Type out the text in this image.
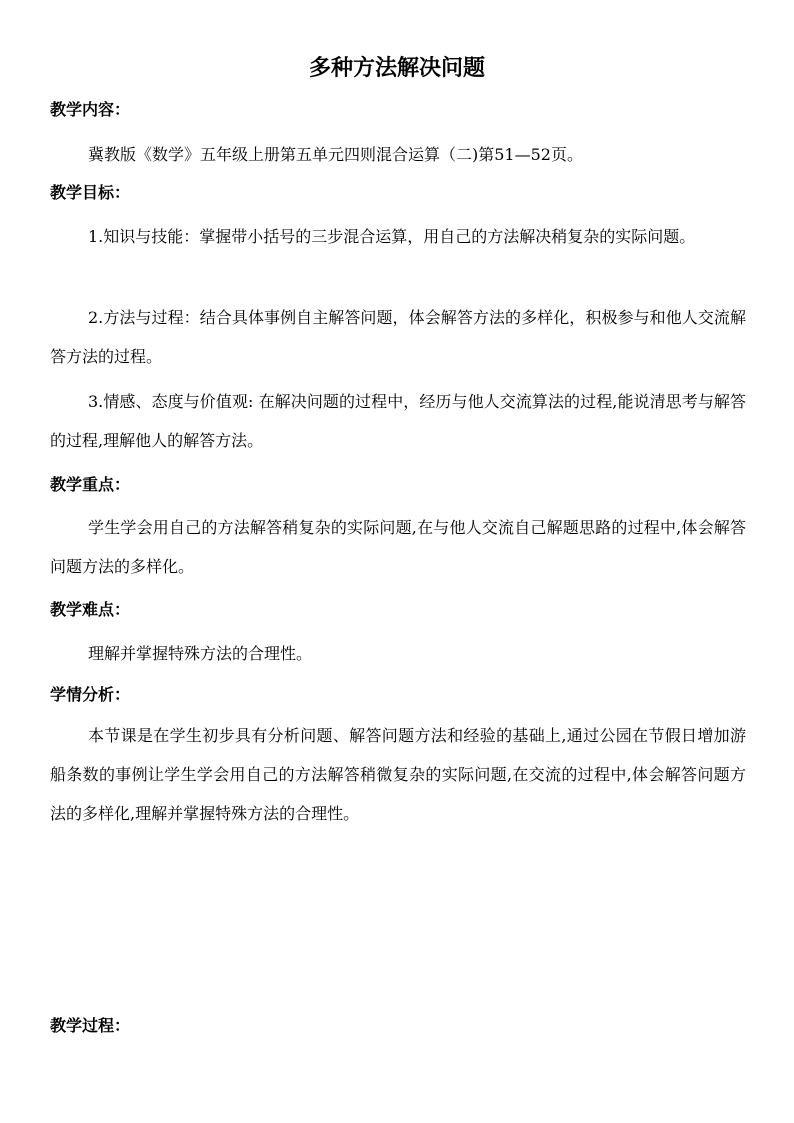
多种方法解决问题
教学内容：

冀教版《数学》五年级上册第五单元四则混合运算（二)第51—52页。

教学目标：

1.知识与技能：掌握带小括号的三步混合运算，用自己的方法解决稍复杂的实际问题。

2.方法与过程：结合具体事例自主解答问题，体会解答方法的多样化，积极参与和他人交流解答方法的过程。

3.情感、态度与价值观: 在解决问题的过程中，经历与他人交流算法的过程,能说清思考与解答的过程,理解他人的解答方法。

教学重点：

学生学会用自己的方法解答稍复杂的实际问题,在与他人交流自己解题思路的过程中,体会解答问题方法的多样化。

教学难点：

理解并掌握特殊方法的合理性。

学情分析：

本节课是在学生初步具有分析问题、解答问题方法和经验的基础上,通过公园在节假日增加游船条数的事例让学生学会用自己的方法解答稍微复杂的实际问题,在交流的过程中,体会解答问题方法的多样化,理解并掌握特殊方法的合理性。

教学过程：
